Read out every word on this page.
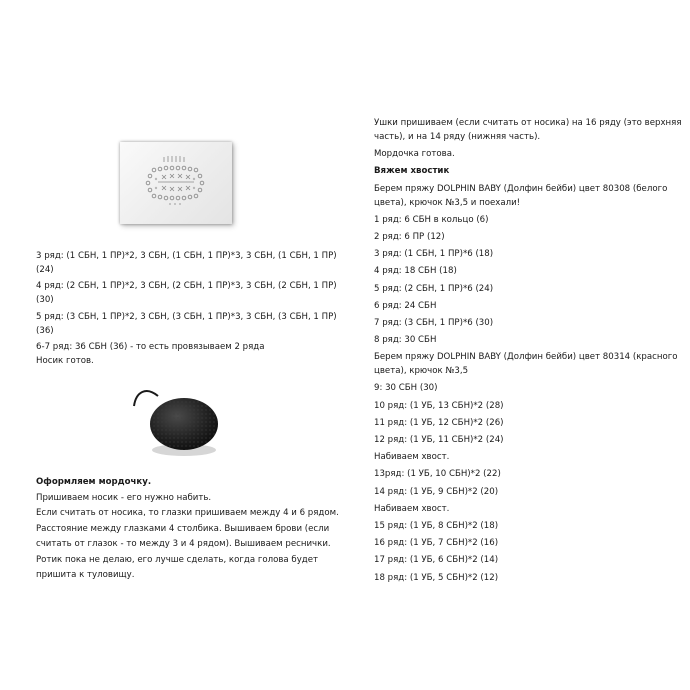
3 ряд: (1 СБН, 1 ПР)*2, 3 СБН, (1 СБН, 1 ПР)*3, 3 СБН, (1 СБН, 1 ПР)

(24)

4 ряд: (2 СБН, 1 ПР)*2, 3 СБН, (2 СБН, 1 ПР)*3, 3 СБН, (2 СБН, 1 ПР)

(30)

5 ряд: (3 СБН, 1 ПР)*2, 3 СБН, (3 СБН, 1 ПР)*3, 3 СБН, (3 СБН, 1 ПР)

(36)

6-7 ряд: 36 СБН (36) - то есть провязываем 2 ряда

Носик готов.

Оформляем мордочку.

Пришиваем носик - его нужно набить.

Если считать от носика, то глазки пришиваем между 4 и 6 рядом.

Расстояние между глазками 4 столбика. Вышиваем брови (если

считать от глазок - то между 3 и 4 рядом). Вышиваем реснички.

Ротик пока не делаю, его лучше сделать, когда голова будет

пришита к туловищу.

Ушки пришиваем (если считать от носика) на 16 ряду (это верхняя

часть), и на 14 ряду (нижняя часть).

Мордочка готова.

Вяжем хвостик

Берем пряжу DOLPHIN BABY (Долфин бейби) цвет 80308 (белого

цвета), крючок №3,5 и поехали!

1 ряд: 6 СБН в кольцо (6)

2 ряд: 6 ПР (12)

3 ряд: (1 СБН, 1 ПР)*6 (18)

4 ряд: 18 СБН (18)

5 ряд: (2 СБН, 1 ПР)*6 (24)

6 ряд: 24 СБН

7 ряд: (3 СБН, 1 ПР)*6 (30)

8 ряд: 30 СБН

Берем пряжу DOLPHIN BABY (Долфин бейби) цвет 80314 (красного

цвета), крючок №3,5

9: 30 СБН (30)

10 ряд: (1 УБ, 13 СБН)*2 (28)

11 ряд: (1 УБ, 12 СБН)*2 (26)

12 ряд: (1 УБ, 11 СБН)*2 (24)

Набиваем хвост.

13ряд: (1 УБ, 10 СБН)*2 (22)

14 ряд: (1 УБ, 9 СБН)*2 (20)

Набиваем хвост.

15 ряд: (1 УБ, 8 СБН)*2 (18)

16 ряд: (1 УБ, 7 СБН)*2 (16)

17 ряд: (1 УБ, 6 СБН)*2 (14)

18 ряд: (1 УБ, 5 СБН)*2 (12)
